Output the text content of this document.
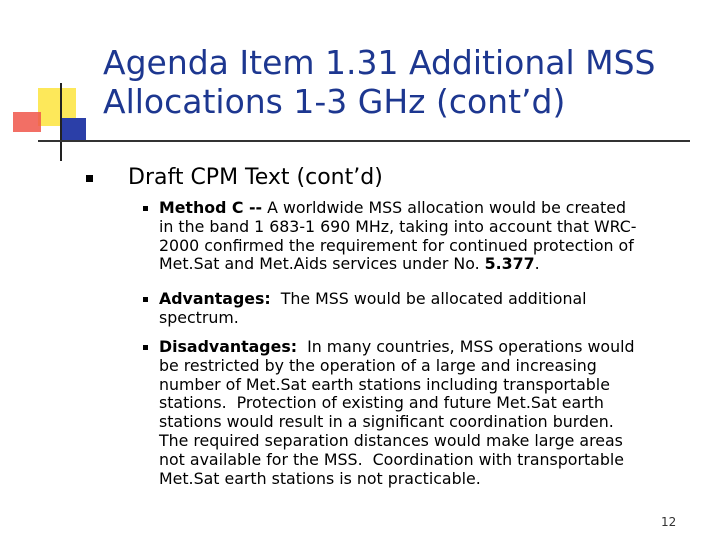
Agenda Item 1.31 Additional MSS
Allocations 1-3 GHz (cont’d)
Draft CPM Text (cont’d)
Method C -- A worldwide MSS allocation would be created
in the band 1 683-1 690 MHz, taking into account that WRC-
2000 confirmed the requirement for continued protection of
Met.Sat and Met.Aids services under No. 5.377.
Advantages:  The MSS would be allocated additional
spectrum.
Disadvantages:  In many countries, MSS operations would
be restricted by the operation of a large and increasing
number of Met.Sat earth stations including transportable
stations.  Protection of existing and future Met.Sat earth
stations would result in a significant coordination burden.
The required separation distances would make large areas
not available for the MSS.  Coordination with transportable
Met.Sat earth stations is not practicable.
12
